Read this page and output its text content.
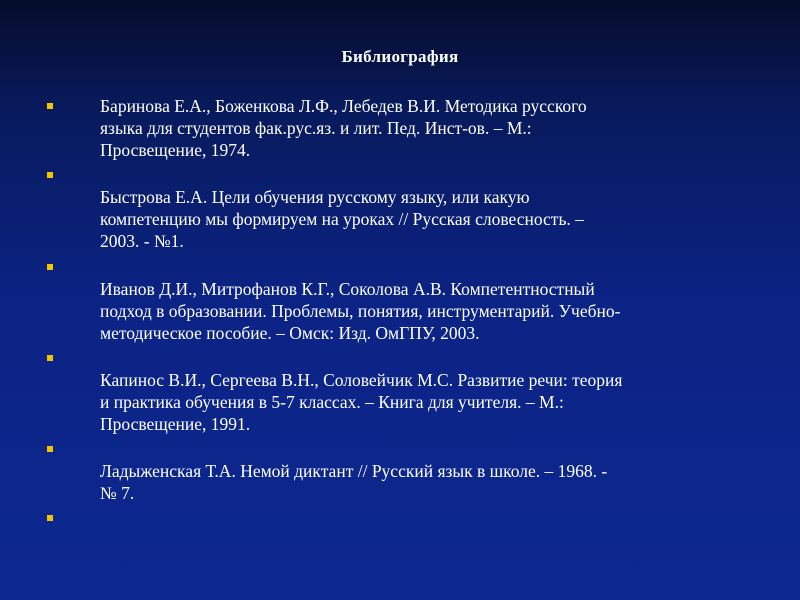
Библиография
Баринова Е.А., Боженкова Л.Ф., Лебедев В.И. Методика русского
языка для студентов фак.рус.яз. и лит. Пед. Инст-ов. – М.:
Просвещение, 1974.
Быстрова Е.А. Цели обучения русскому языку, или какую
компетенцию мы формируем на уроках // Русская словесность. –
2003. - №1.
Иванов Д.И., Митрофанов К.Г., Соколова А.В. Компетентностный
подход в образовании. Проблемы, понятия, инструментарий. Учебно-
методическое пособие. – Омск: Изд. ОмГПУ, 2003.
Капинос В.И., Сергеева В.Н., Соловейчик М.С. Развитие речи: теория
и практика обучения в 5-7 классах. – Книга для учителя. – М.:
Просвещение, 1991.
Ладыженская Т.А. Немой диктант // Русский язык в школе. – 1968. -
№ 7.
